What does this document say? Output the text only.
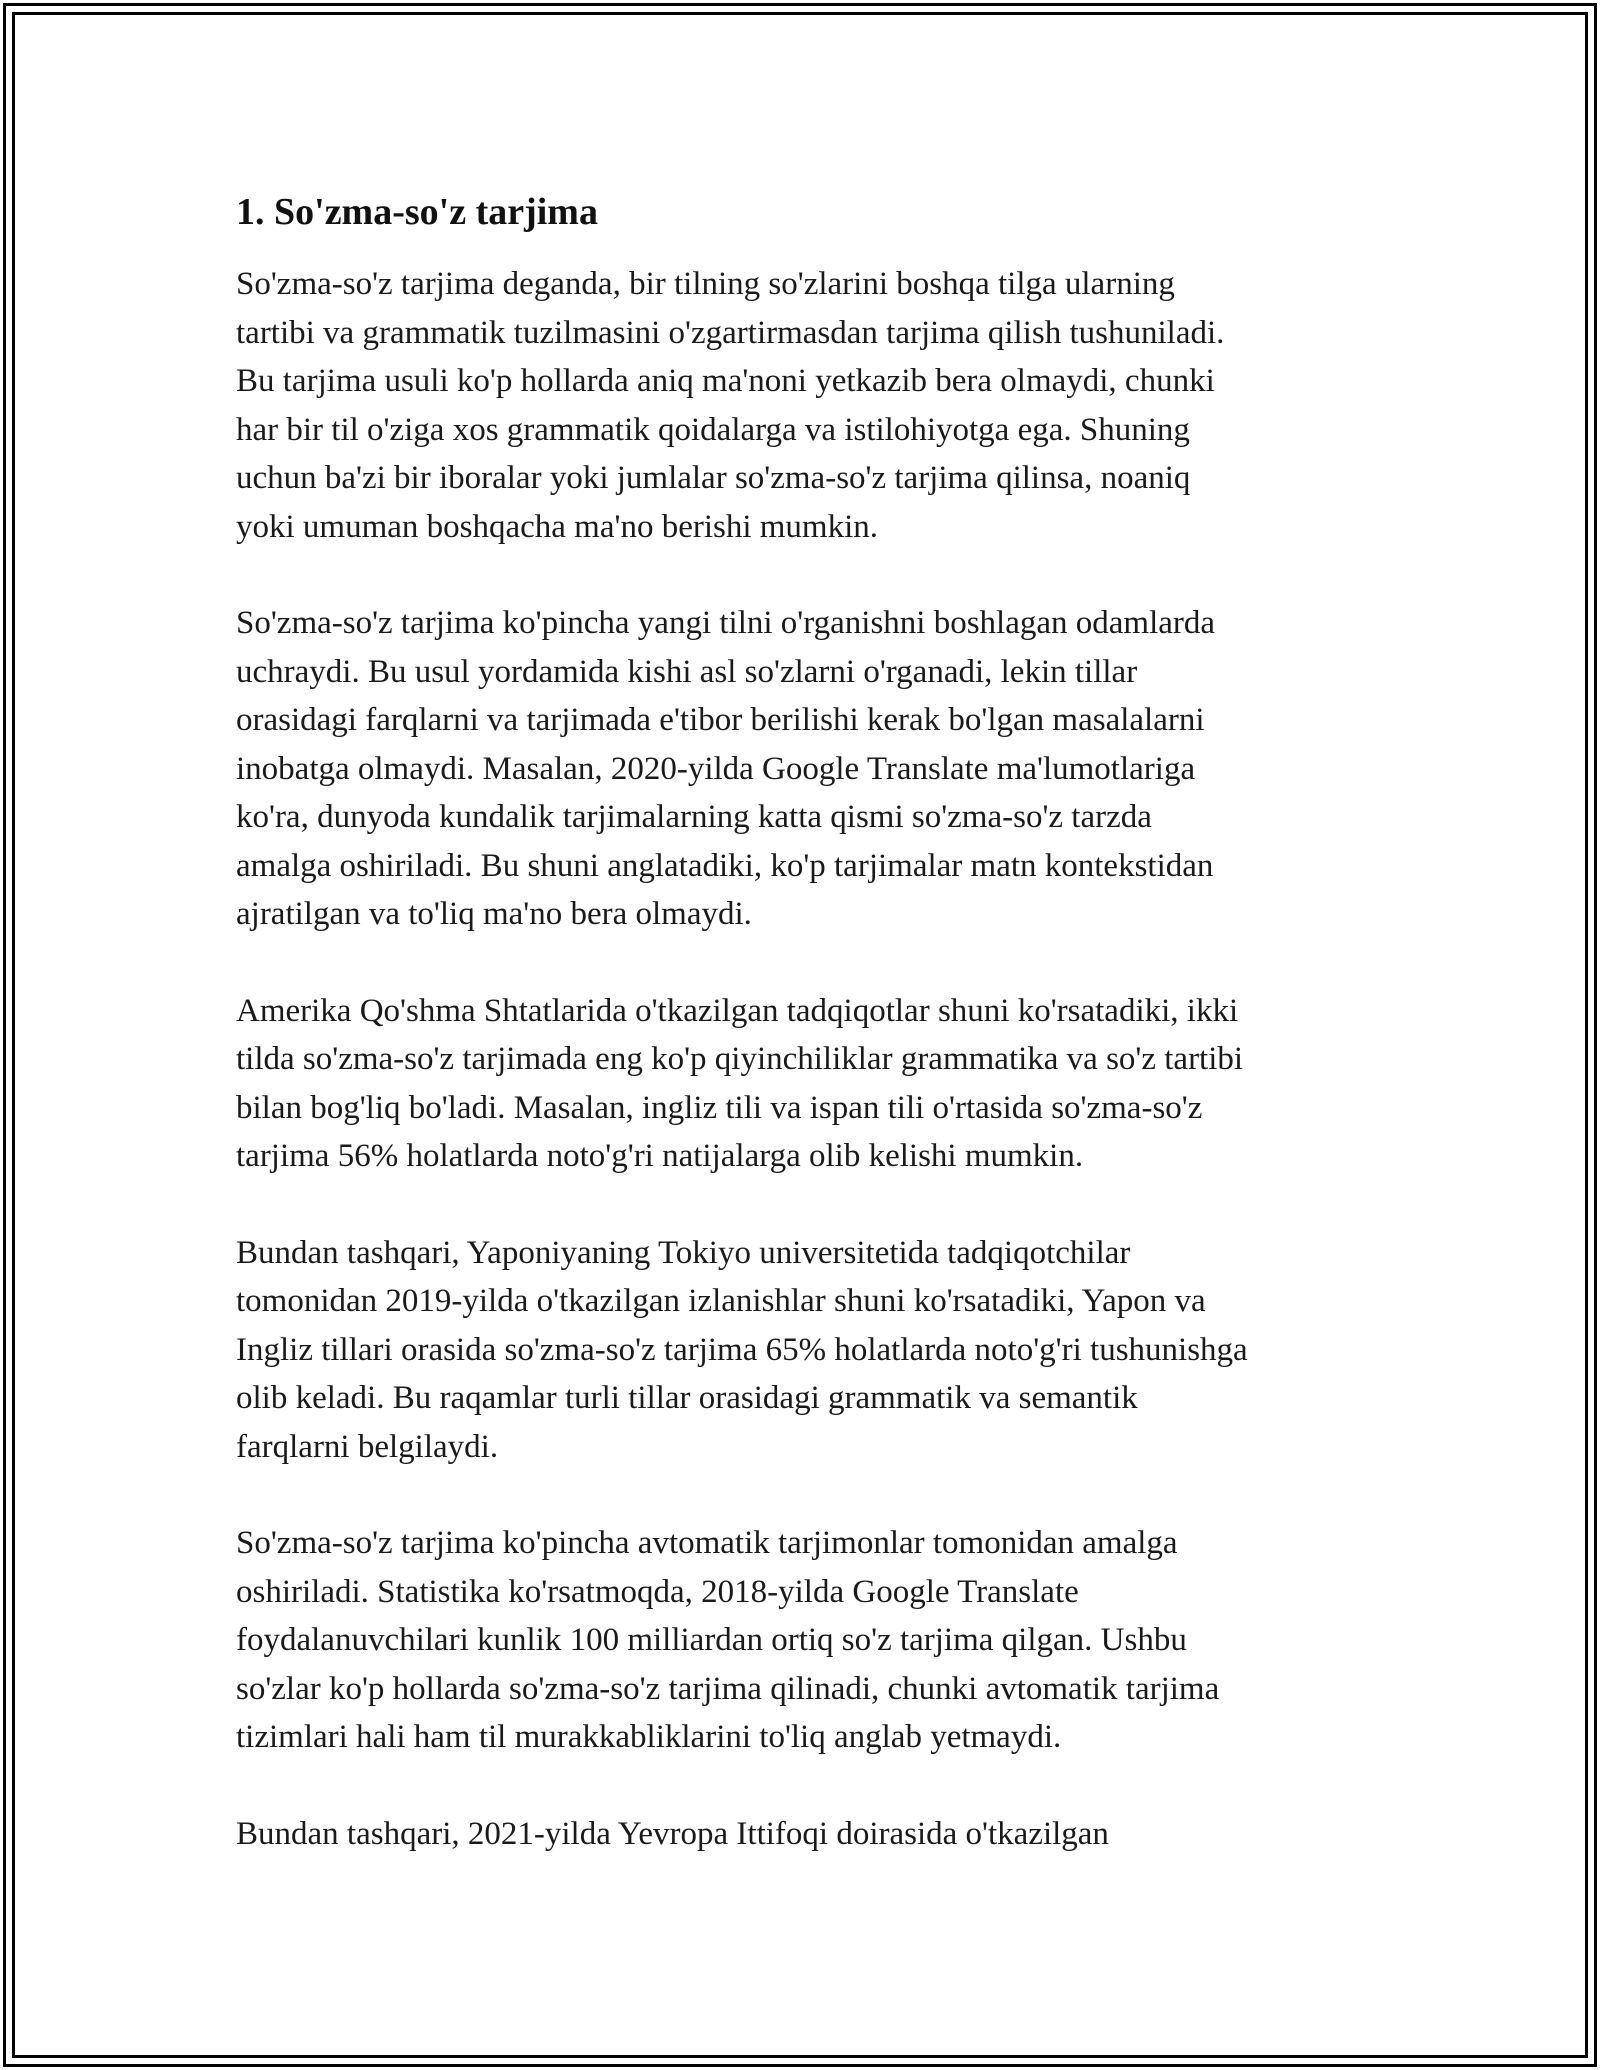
1. So'zma-so'z tarjima

So'zma-so'z tarjima deganda, bir tilning so'zlarini boshqa tilga ularning
tartibi va grammatik tuzilmasini o'zgartirmasdan tarjima qilish tushuniladi.
Bu tarjima usuli ko'p hollarda aniq ma'noni yetkazib bera olmaydi, chunki
har bir til o'ziga xos grammatik qoidalarga va istilohiyotga ega. Shuning
uchun ba'zi bir iboralar yoki jumlalar so'zma-so'z tarjima qilinsa, noaniq
yoki umuman boshqacha ma'no berishi mumkin.

So'zma-so'z tarjima ko'pincha yangi tilni o'rganishni boshlagan odamlarda
uchraydi. Bu usul yordamida kishi asl so'zlarni o'rganadi, lekin tillar
orasidagi farqlarni va tarjimada e'tibor berilishi kerak bo'lgan masalalarni
inobatga olmaydi. Masalan, 2020-yilda Google Translate ma'lumotlariga
ko'ra, dunyoda kundalik tarjimalarning katta qismi so'zma-so'z tarzda
amalga oshiriladi. Bu shuni anglatadiki, ko'p tarjimalar matn kontekstidan
ajratilgan va to'liq ma'no bera olmaydi.

Amerika Qo'shma Shtatlarida o'tkazilgan tadqiqotlar shuni ko'rsatadiki, ikki
tilda so'zma-so'z tarjimada eng ko'p qiyinchiliklar grammatika va so'z tartibi
bilan bog'liq bo'ladi. Masalan, ingliz tili va ispan tili o'rtasida so'zma-so'z
tarjima 56% holatlarda noto'g'ri natijalarga olib kelishi mumkin.

Bundan tashqari, Yaponiyaning Tokiyo universitetida tadqiqotchilar
tomonidan 2019-yilda o'tkazilgan izlanishlar shuni ko'rsatadiki, Yapon va
Ingliz tillari orasida so'zma-so'z tarjima 65% holatlarda noto'g'ri tushunishga
olib keladi. Bu raqamlar turli tillar orasidagi grammatik va semantik
farqlarni belgilaydi.

So'zma-so'z tarjima ko'pincha avtomatik tarjimonlar tomonidan amalga
oshiriladi. Statistika ko'rsatmoqda, 2018-yilda Google Translate
foydalanuvchilari kunlik 100 milliardan ortiq so'z tarjima qilgan. Ushbu
so'zlar ko'p hollarda so'zma-so'z tarjima qilinadi, chunki avtomatik tarjima
tizimlari hali ham til murakkabliklarini to'liq anglab yetmaydi.

Bundan tashqari, 2021-yilda Yevropa Ittifoqi doirasida o'tkazilgan
